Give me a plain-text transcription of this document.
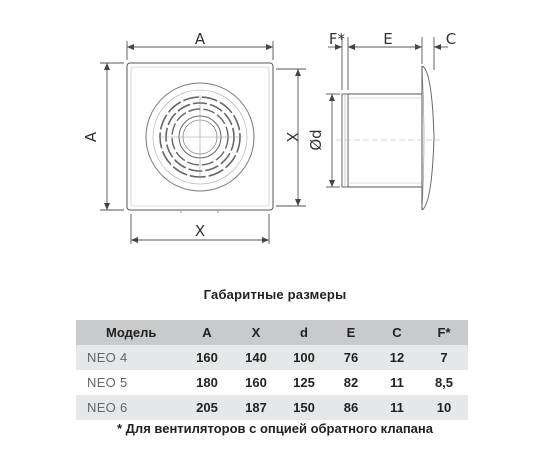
A
A
X
X
F*	E	C
Ød
Габаритные размеры
Модель	A	X	d	E	C	F*
NEO 4	160	140	100	76	12	7
NEO 5	180	160	125	82	11	8,5
NEO 6	205	187	150	86	11	10
* Для вентиляторов с опцией обратного клапана
